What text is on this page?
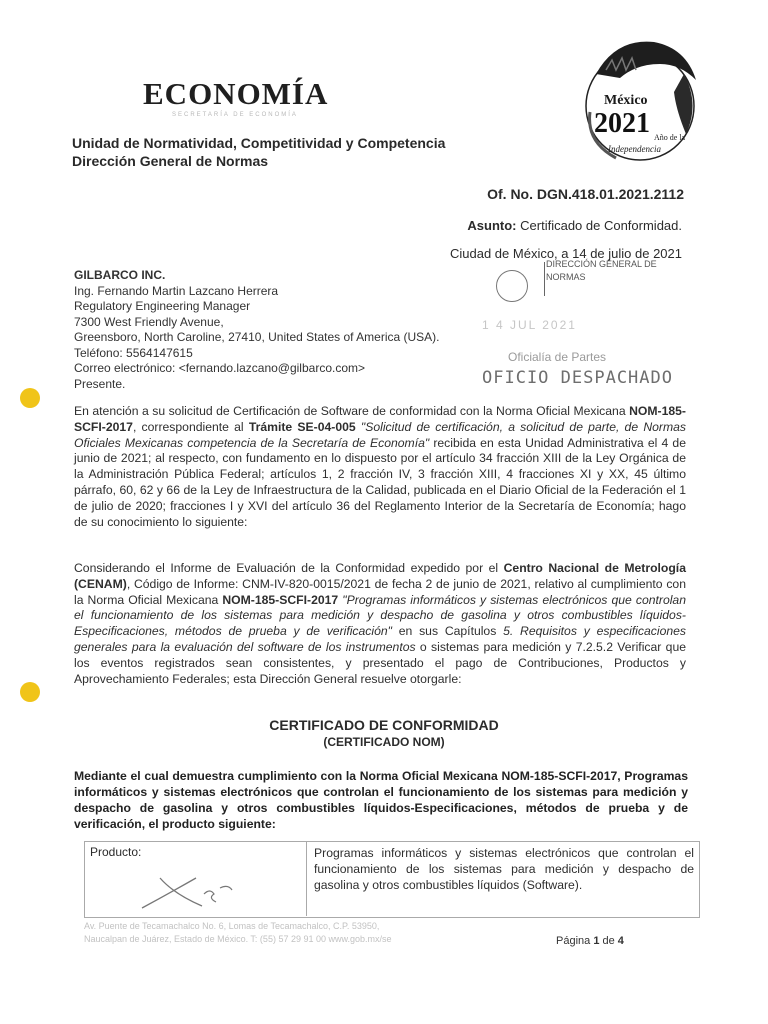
ECONOMÍA
SECRETARÍA DE ECONOMÍA
México
2021 Año de la
Independencia
Unidad de Normatividad, Competitividad y Competencia
Dirección General de Normas
Of. No. DGN.418.01.2021.2112
Asunto: Certificado de Conformidad.
Ciudad de México, a 14 de julio de 2021
DIRECCIÓN GENERAL DE
NORMAS
1 4 JUL 2021
Oficialía de Partes
OFICIO DESPACHADO
GILBARCO INC.
Ing. Fernando Martin Lazcano Herrera
Regulatory Engineering Manager
7300 West Friendly Avenue,
Greensboro, North Caroline, 27410, United States of America (USA).
Teléfono: 5564147615
Correo electrónico: <fernando.lazcano@gilbarco.com>
Presente.
En atención a su solicitud de Certificación de Software de conformidad con la Norma Oficial Mexicana NOM-185-SCFI-2017, correspondiente al Trámite SE-04-005 "Solicitud de certificación, a solicitud de parte, de Normas Oficiales Mexicanas competencia de la Secretaría de Economía" recibida en esta Unidad Administrativa el 4 de junio de 2021; al respecto, con fundamento en lo dispuesto por el artículo 34 fracción XIII de la Ley Orgánica de la Administración Pública Federal; artículos 1, 2 fracción IV, 3 fracción XIII, 4 fracciones XI y XX, 45 último párrafo, 60, 62 y 66 de la Ley de Infraestructura de la Calidad, publicada en el Diario Oficial de la Federación el 1 de julio de 2020; fracciones I y XVI del artículo 36 del Reglamento Interior de la Secretaría de Economía; hago de su conocimiento lo siguiente:
Considerando el Informe de Evaluación de la Conformidad expedido por el Centro Nacional de Metrología (CENAM), Código de Informe: CNM-IV-820-0015/2021 de fecha 2 de junio de 2021, relativo al cumplimiento con la Norma Oficial Mexicana NOM-185-SCFI-2017 "Programas informáticos y sistemas electrónicos que controlan el funcionamiento de los sistemas para medición y despacho de gasolina y otros combustibles líquidos-Especificaciones, métodos de prueba y de verificación" en sus Capítulos 5. Requisitos y especificaciones generales para la evaluación del software de los instrumentos o sistemas para medición y 7.2.5.2 Verificar que los eventos registrados sean consistentes, y presentado el pago de Contribuciones, Productos y Aprovechamiento Federales; esta Dirección General resuelve otorgarle:
CERTIFICADO DE CONFORMIDAD
(CERTIFICADO NOM)
Mediante el cual demuestra cumplimiento con la Norma Oficial Mexicana NOM-185-SCFI-2017, Programas informáticos y sistemas electrónicos que controlan el funcionamiento de los sistemas para medición y despacho de gasolina y otros combustibles líquidos-Especificaciones, métodos de prueba y de verificación, el producto siguiente:
Producto:	Programas informáticos y sistemas electrónicos que controlan el funcionamiento de los sistemas para medición y despacho de gasolina y otros combustibles líquidos (Software).
Av. Puente de Tecamachalco No. 6, Lomas de Tecamachalco, C.P. 53950,
Naucalpan de Juárez, Estado de México. T: (55) 57 29 91 00 www.gob.mx/se	Página 1 de 4
